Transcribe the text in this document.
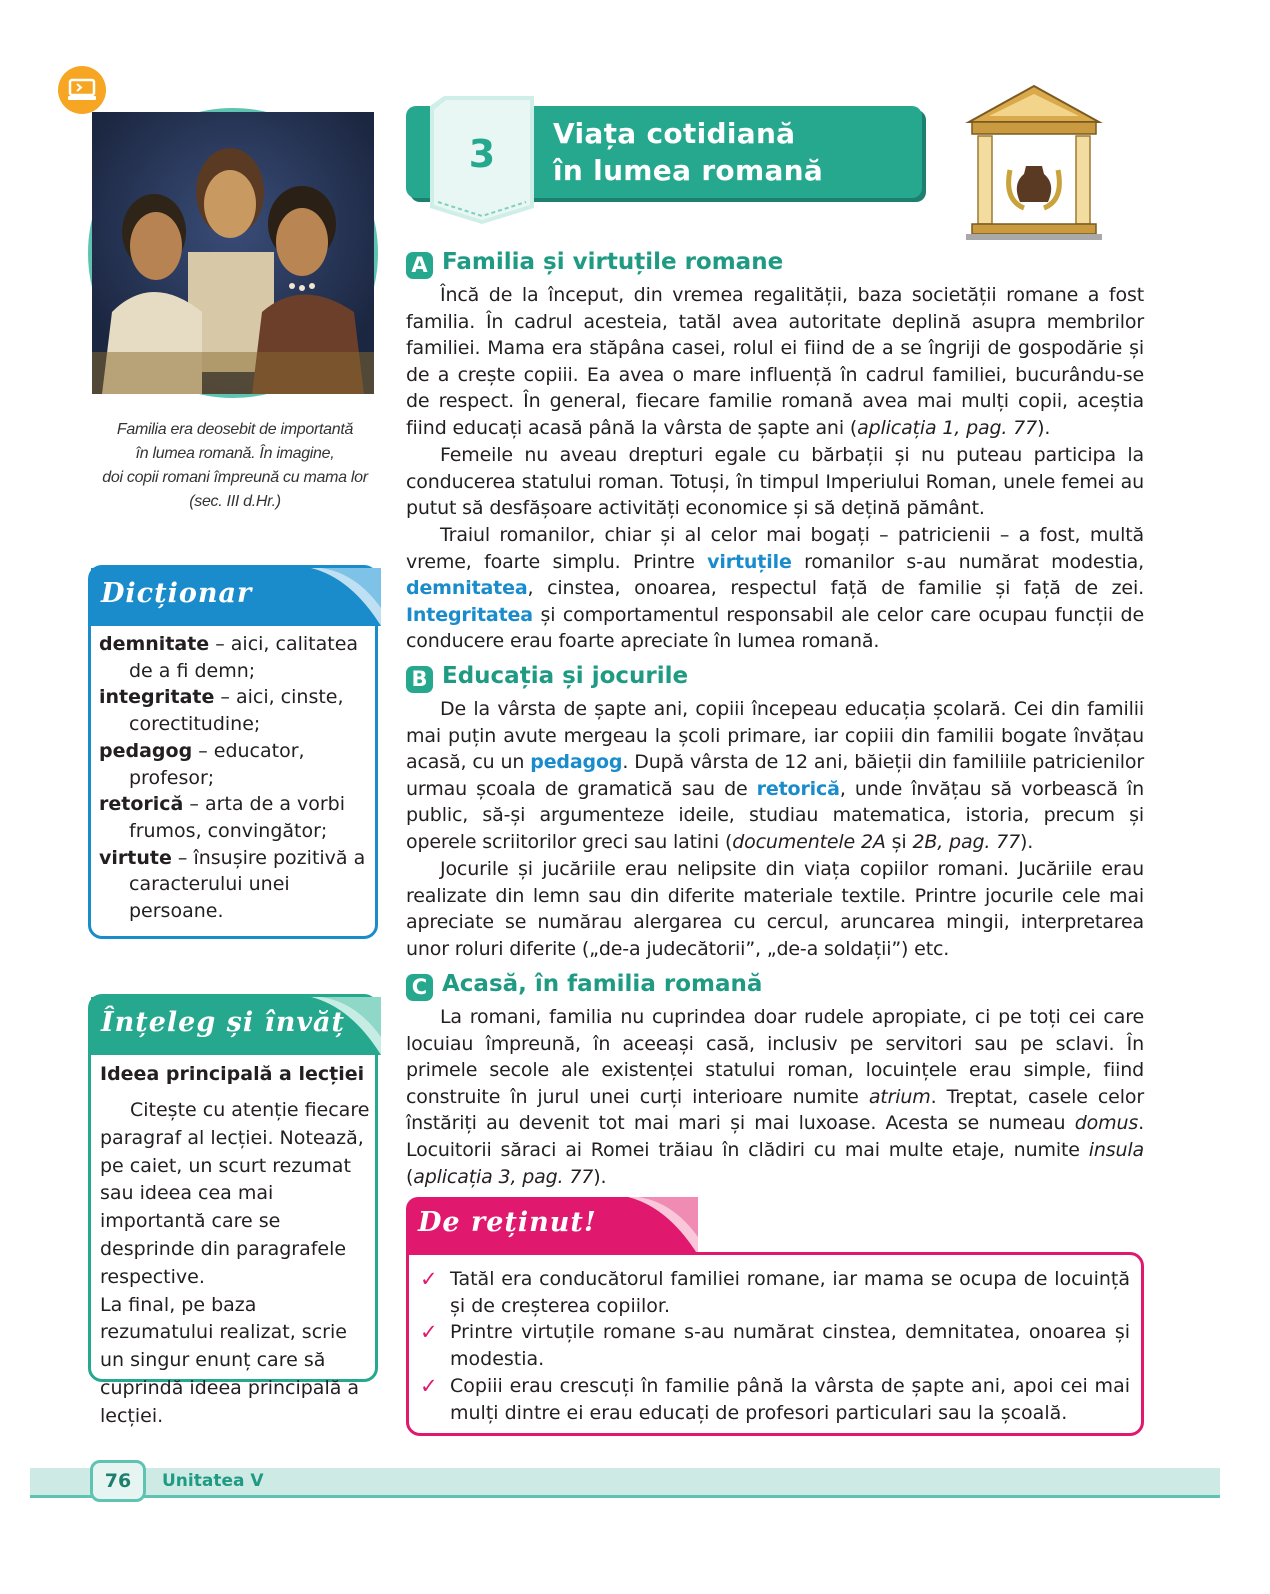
Familia era deosebit de importantă
în lumea romană. În imagine,
doi copii romani împreună cu mama lor
(sec. III d.Hr.)
Dicționar
demnitate – aici, calitatea de a fi demn;
integritate – aici, cinste, corectitudine;
pedagog – educator, profesor;
retorică – arta de a vorbi frumos, convingător;
virtute – însușire pozitivă a caracterului unei persoane.
Înțeleg și învăț
Ideea principală a lecției
Citește cu atenție fiecare paragraf al lecției. Notează, pe caiet, un scurt rezumat sau ideea cea mai importantă care se desprinde din paragrafele respective.
La final, pe baza rezumatului realizat, scrie un singur enunț care să cuprindă ideea principală a lecției.
3	Viața cotidiană
în lumea romană
A Familia și virtuțile romane
Încă de la început, din vremea regalității, baza societății romane a fost familia. În cadrul acesteia, tatăl avea autoritate deplină asupra membrilor familiei. Mama era stăpâna casei, rolul ei fiind de a se îngriji de gospodărie și de a crește copiii. Ea avea o mare influență în cadrul familiei, bucurându-se de respect. În general, fiecare familie romană avea mai mulți copii, aceștia fiind educați acasă până la vârsta de șapte ani (aplicația 1, pag. 77).
Femeile nu aveau drepturi egale cu bărbații și nu puteau participa la conducerea statului roman. Totuși, în timpul Imperiului Roman, unele femei au putut să desfășoare activități economice și să dețină pământ.
Traiul romanilor, chiar și al celor mai bogați – patricienii – a fost, multă vreme, foarte simplu. Printre virtuțile romanilor s-au numărat modestia, demnitatea, cinstea, onoarea, respectul față de familie și față de zei. Integritatea și comportamentul responsabil ale celor care ocupau funcții de conducere erau foarte apreciate în lumea romană.
B Educația și jocurile
De la vârsta de șapte ani, copiii începeau educația școlară. Cei din familii mai puțin avute mergeau la școli primare, iar copiii din familii bogate învățau acasă, cu un pedagog. După vârsta de 12 ani, băieții din familiile patricienilor urmau școala de gramatică sau de retorică, unde învățau să vorbească în public, să-și argumenteze ideile, studiau matematica, istoria, precum și operele scriitorilor greci sau latini (documentele 2A și 2B, pag. 77).
Jocurile și jucăriile erau nelipsite din viața copiilor romani. Jucăriile erau realizate din lemn sau din diferite materiale textile. Printre jocurile cele mai apreciate se numărau alergarea cu cercul, aruncarea mingii, interpretarea unor roluri diferite („de-a judecătorii”, „de-a soldații”) etc.
C Acasă, în familia romană
La romani, familia nu cuprindea doar rudele apropiate, ci pe toți cei care locuiau împreună, în aceeași casă, inclusiv pe servitori sau pe sclavi. În primele secole ale existenței statului roman, locuințele erau simple, fiind construite în jurul unei curți interioare numite atrium. Treptat, casele celor înstăriți au devenit tot mai mari și mai luxoase. Acesta se numeau domus. Locuitorii săraci ai Romei trăiau în clădiri cu mai multe etaje, numite insula (aplicația 3, pag. 77).
De reținut!
✓ Tatăl era conducătorul familiei romane, iar mama se ocupa de locuință și de creșterea copiilor.
✓ Printre virtuțile romane s-au numărat cinstea, demnitatea, onoarea și modestia.
✓ Copiii erau crescuți în familie până la vârsta de șapte ani, apoi cei mai mulți dintre ei erau educați de profesori particulari sau la școală.
76	Unitatea V
